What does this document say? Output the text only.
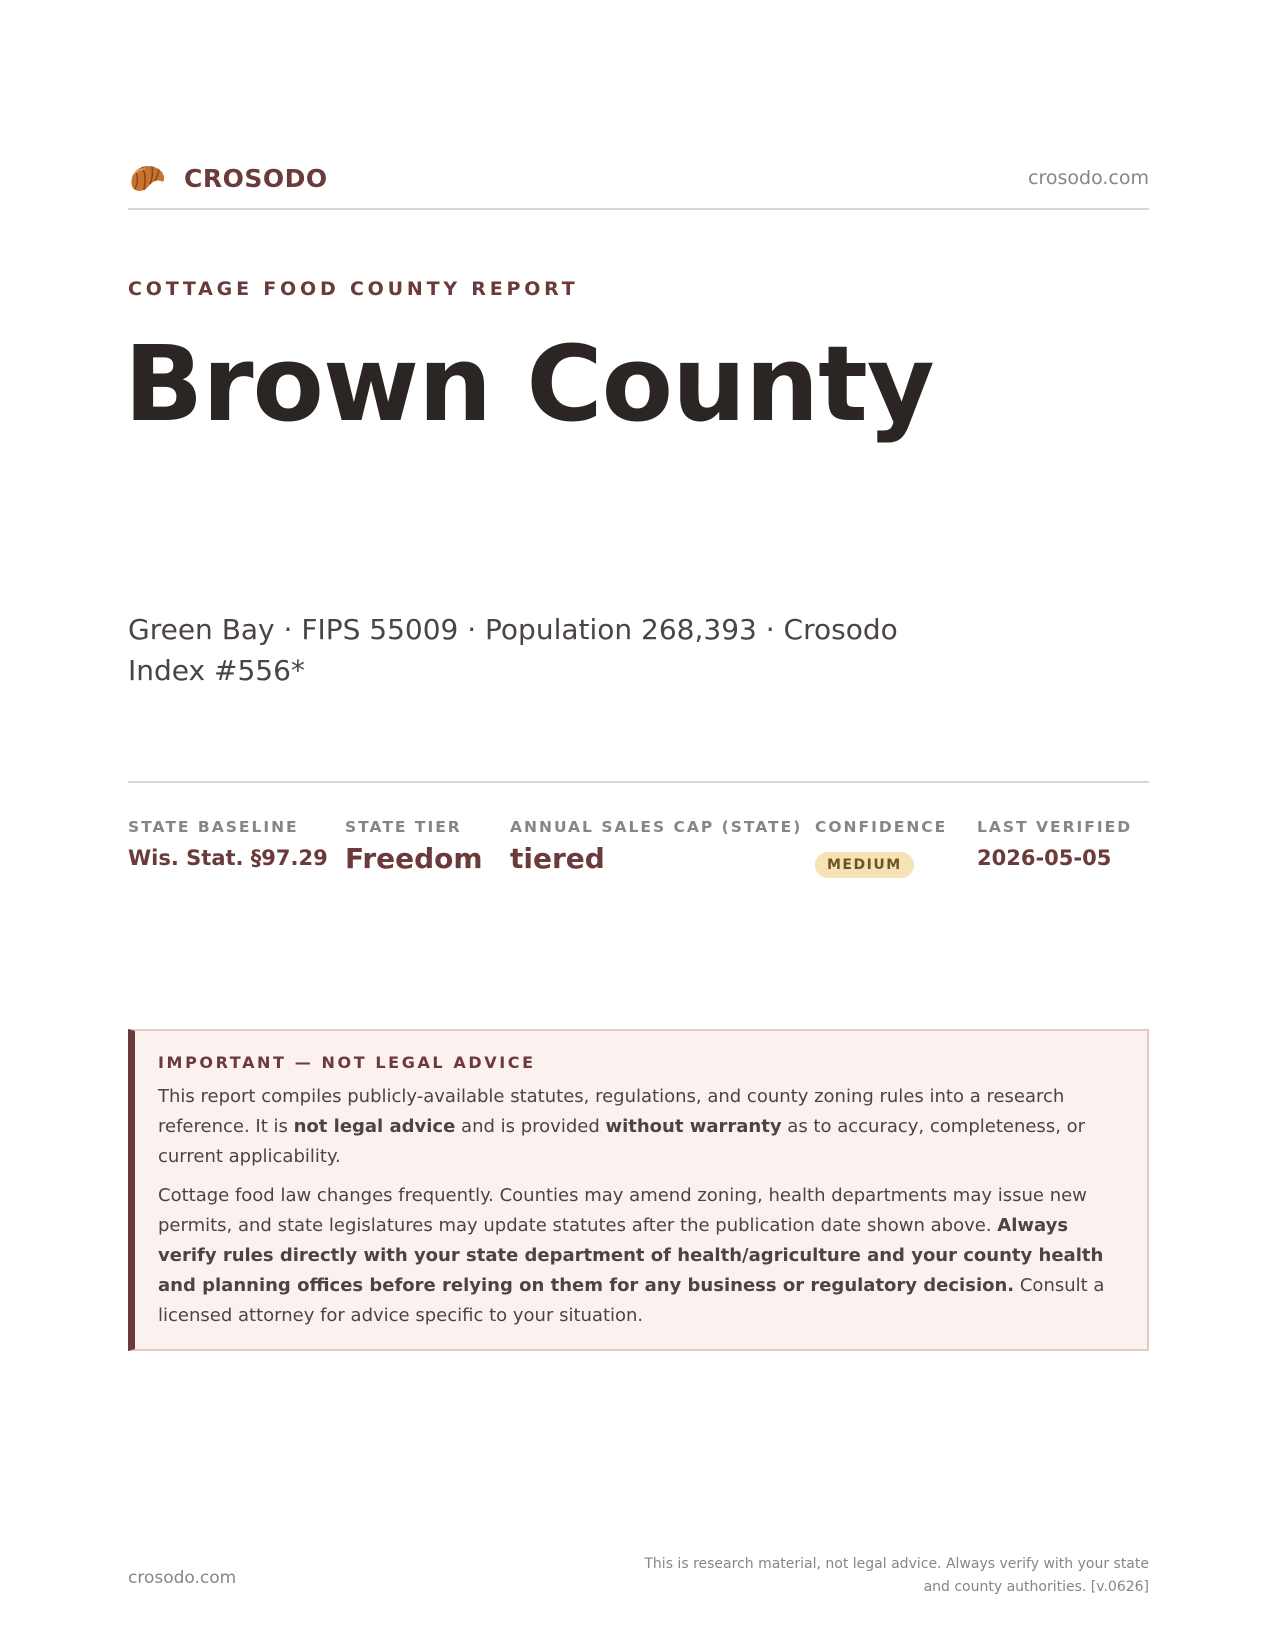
CROSODO	crosodo.com
COTTAGE FOOD COUNTY REPORT
Brown County
Green Bay · FIPS 55009 · Population 268,393 · Crosodo Index #556*
STATE BASELINE
Wis. Stat. §97.29
STATE TIER
Freedom
ANNUAL SALES CAP (STATE)
tiered
CONFIDENCE
MEDIUM
LAST VERIFIED
2026-05-05
IMPORTANT — NOT LEGAL ADVICE

This report compiles publicly-available statutes, regulations, and county zoning rules into a research reference. It is not legal advice and is provided without warranty as to accuracy, completeness, or current applicability.

Cottage food law changes frequently. Counties may amend zoning, health departments may issue new permits, and state legislatures may update statutes after the publication date shown above. Always verify rules directly with your state department of health/agriculture and your county health and planning offices before relying on them for any business or regulatory decision. Consult a licensed attorney for advice specific to your situation.

crosodo.com
This is research material, not legal advice. Always verify with your state and county authorities. [v.0626]
